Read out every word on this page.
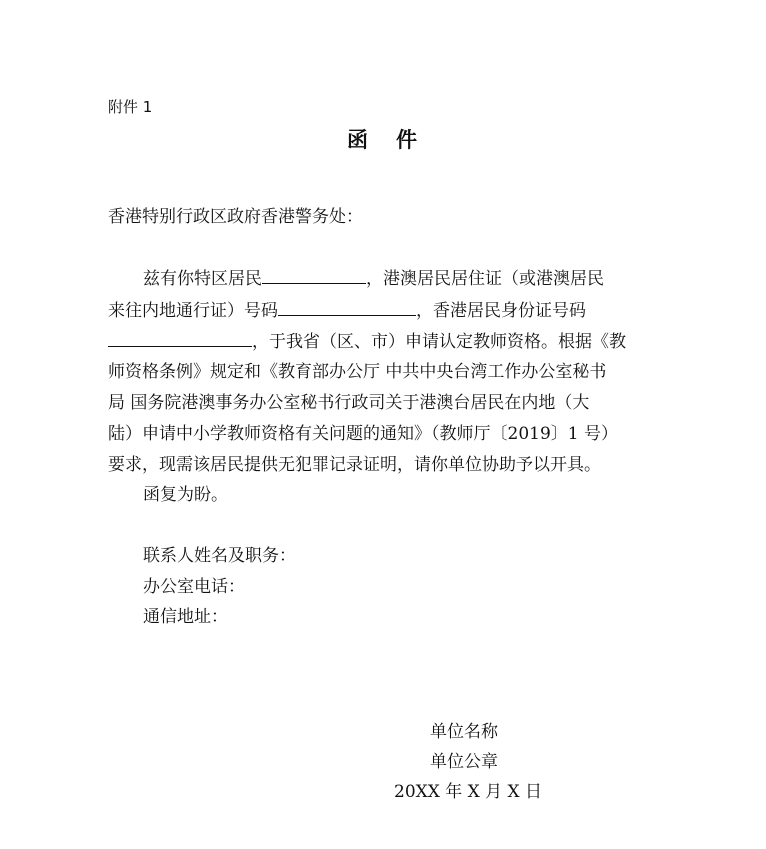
附件 1
函 件
香港特别行政区政府香港警务处：
兹有你特区居民	，港澳居民居住证（或港澳居民
来往内地通行证）号码	，香港居民身份证号码
，于我省（区、市）申请认定教师资格。根据《教
师资格条例》规定和《教育部办公厅 中共中央台湾工作办公室秘书
局 国务院港澳事务办公室秘书行政司关于港澳台居民在内地（大
陆）申请中小学教师资格有关问题的通知》（教师厅〔2019〕1 号）
要求，现需该居民提供无犯罪记录证明，请你单位协助予以开具。
函复为盼。
联系人姓名及职务：
办公室电话：
通信地址：
单位名称
单位公章
20XX 年 X 月 X 日
